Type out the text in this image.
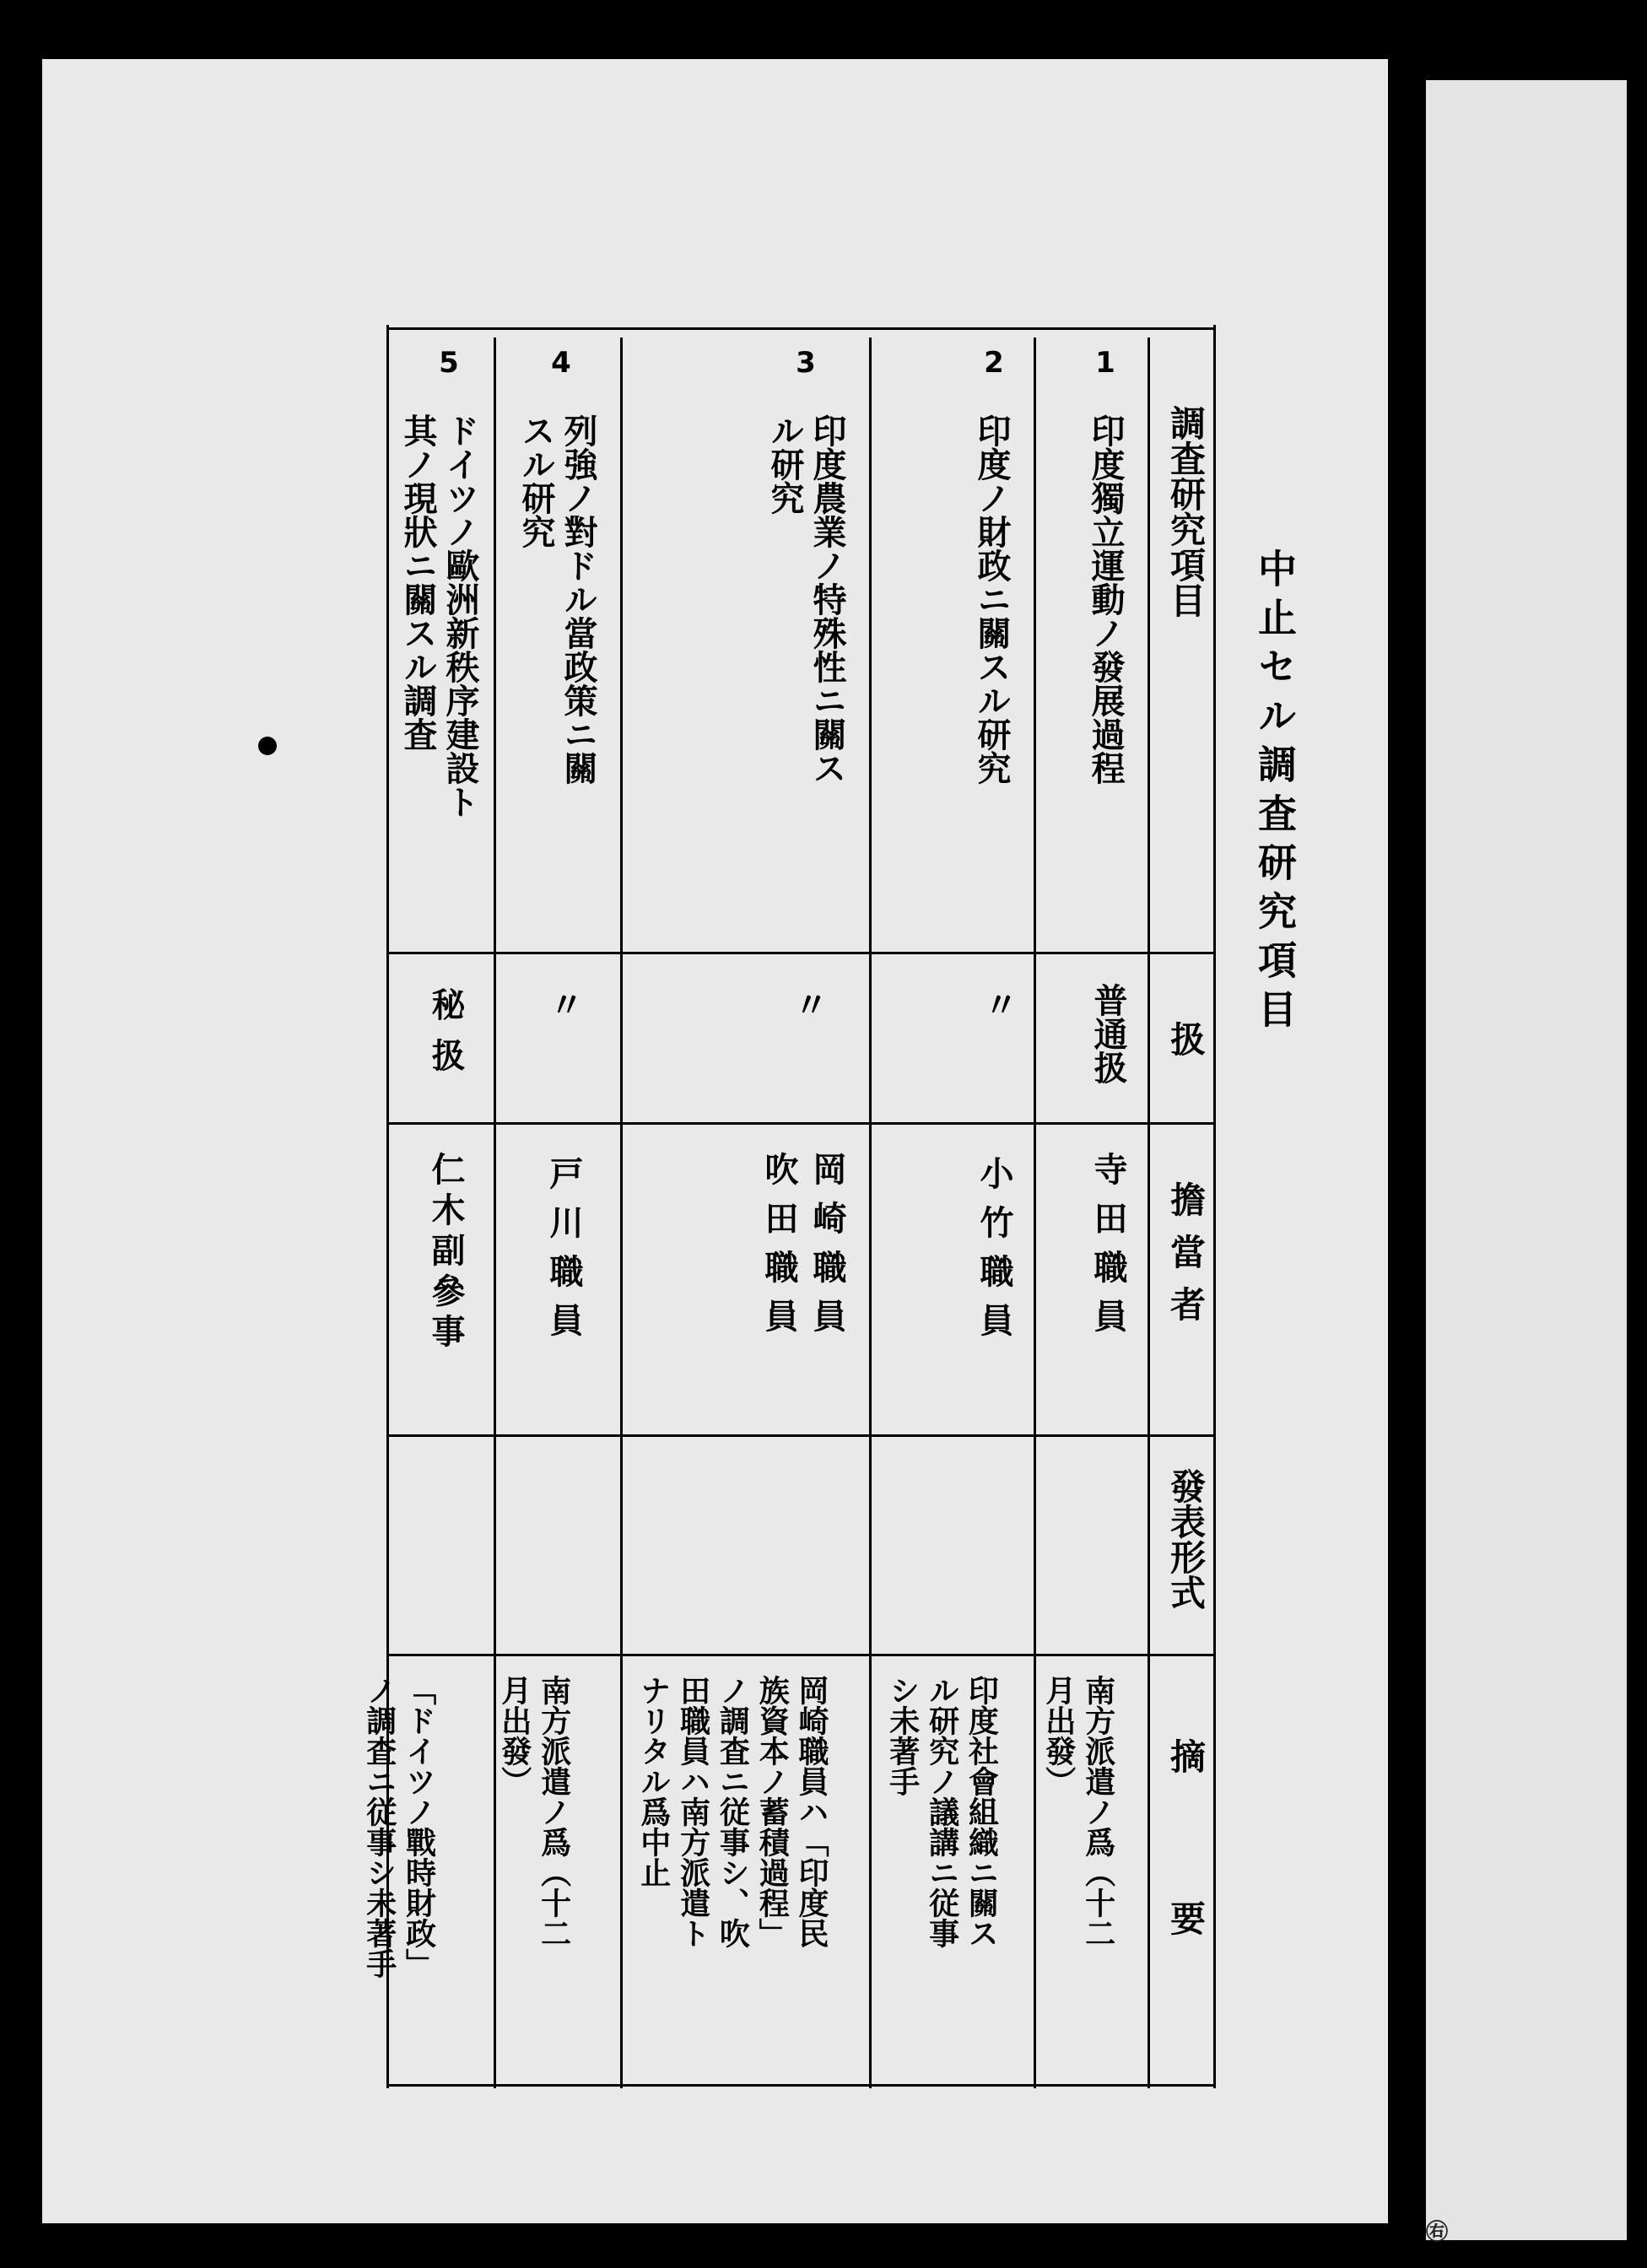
中止セル調査研究項目
調査研究項目
扱
擔當者
發表形式
摘要
1
印度獨立運動ノ發展過程
普通扱
寺田職員
南方派遣ノ爲（十二
月出發）
2
印度ノ財政ニ關スル研究
〃
小竹職員
印度社會組織ニ關ス
ル研究ノ議講ニ従事
シ未著手
3
印度農業ノ特殊性ニ關ス
ル研究
〃
岡崎職員
吹田職員
岡崎職員ハ「印度民
族資本ノ蓄積過程」
ノ調査ニ従事シ、吹
田職員ハ南方派遣ト
ナリタル爲中止
4
列強ノ對ドル當政策ニ關
スル研究
〃
戸川職員
南方派遣ノ爲（十二
月出發）
5
ドイツノ歐洲新秩序建設ト
其ノ現狀ニ關スル調査
秘扱
仁木副參事
「ドイツノ戰時財政」
ノ調査ニ従事シ未著手
㊨
